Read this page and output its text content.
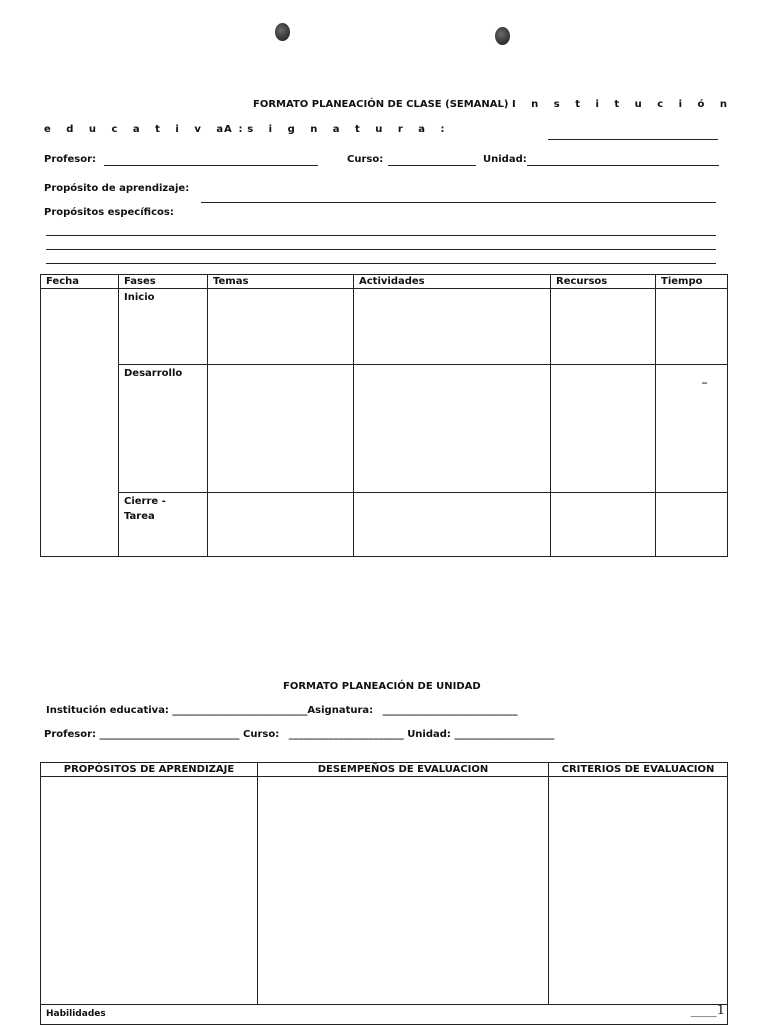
FORMATO PLANEACIÓN DE CLASE (SEMANAL) I n s t i t u c i ó n
e d u c a t i v a :
A s i g n a t u r a :
Profesor:	Curso:	Unidad:
Propósito de aprendizaje:
Propósitos específicos:
Fecha	Fases	Temas	Actividades	Recursos	Tiempo

	Inicio				

	Desarrollo				_

	Cierre -
Tarea				

FORMATO PLANEACIÓN DE UNIDAD
Institución educativa: ___________________________Asignatura: ___________________________
Profesor: ____________________________ Curso: _______________________ Unidad: ____________________
PROPÓSITOS DE APRENDIZAJE	DESEMPEÑOS DE EVALUACION	CRITERIOS DE EVALUACION

Habilidades ____1		
